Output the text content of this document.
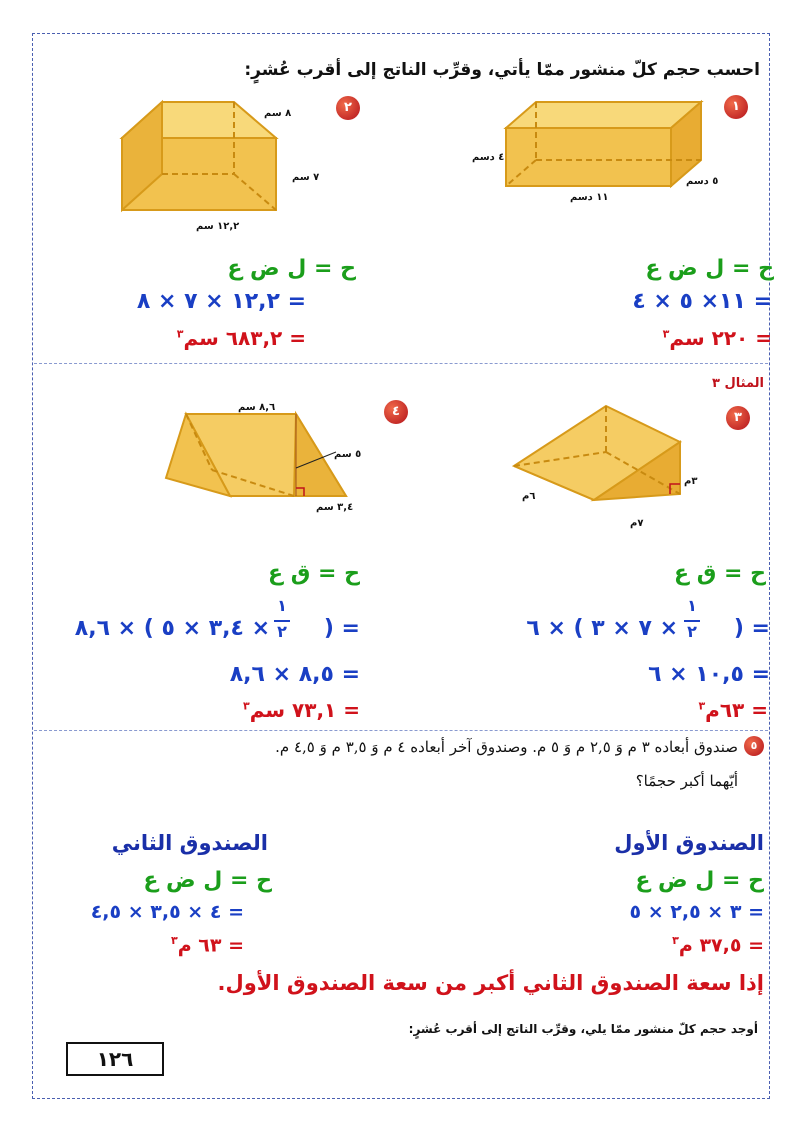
احسب حجم كلّ منشور ممّا يأتي، وقرِّب الناتج إلى أقرب عُشرٍ:
١
٤ دسم
٥ دسم
١١ دسم
٢
٨ سم
٧ سم
١٢,٢ سم
ح = ل ض ع
= ١١× ٥ × ٤
= ٢٢٠ سم$^٣$
ح = ل ض ع
= ١٢,٢ × ٧ × ٨
= ٦٨٣,٢ سم$^٣$
المثال ٣
٣
٣م
٧م
٦م
٤
٨,٦ سم
٥ سم
٣,٤ سم
ح = ق ع
= (
١
٢
× ٧ × ٣ ) × ٦
= ١٠,٥ × ٦
= ٦٣م$^٣$
ح = ق ع
= (
١
٢
× ٣,٤ × ٥ ) × ٨,٦
= ٨,٥ × ٨,٦
= ٧٣,١ سم$^٣$
٥
صندوق أبعاده ٣ م وَ ٢,٥ م وَ ٥ م. وصندوق آخر أبعاده ٤ م وَ ٣,٥ م وَ ٤,٥ م.
أيّهما أكبر حجمًا؟
الصندوق الأول
ح = ل ض ع
= ٣ × ٢,٥ × ٥
= ٣٧,٥ م$^٣$
الصندوق الثاني
ح = ل ض ع
= ٤ × ٣,٥ × ٤,٥
= ٦٣ م$^٣$
إذا سعة الصندوق الثاني أكبر من سعة الصندوق الأول.
أوجد حجم كلّ منشور ممّا يلي، وقرِّب الناتج إلى أقرب عُشرٍ:
١٢٦
